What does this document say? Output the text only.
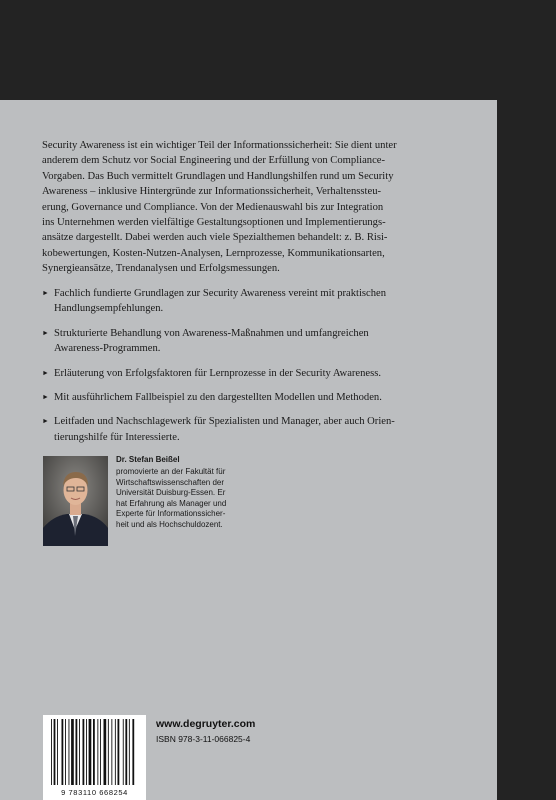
Security Awareness ist ein wichtiger Teil der Informationssicherheit: Sie dient unter
anderem dem Schutz vor Social Engineering und der Erfüllung von Compliance-
Vorgaben. Das Buch vermittelt Grundlagen und Handlungshilfen rund um Security
Awareness – inklusive Hintergründe zur Informationssicherheit, Verhaltenssteu-
erung, Governance und Compliance. Von der Medienauswahl bis zur Integration
ins Unternehmen werden vielfältige Gestaltungsoptionen und Implementierungs-
ansätze dargestellt. Dabei werden auch viele Spezialthemen behandelt: z. B. Risi-
kobewertungen, Kosten-Nutzen-Analysen, Lernprozesse, Kommunikationsarten,
Synergieansätze, Trendanalysen und Erfolgsmessungen.

► Fachlich fundierte Grundlagen zur Security Awareness vereint mit praktischen
Handlungsempfehlungen.
► Strukturierte Behandlung von Awareness-Maßnahmen und umfangreichen
Awareness-Programmen.
► Erläuterung von Erfolgsfaktoren für Lernprozesse in der Security Awareness.
► Mit ausführlichem Fallbeispiel zu den dargestellten Modellen und Methoden.
► Leitfaden und Nachschlagewerk für Spezialisten und Manager, aber auch Orien-
tierungshilfe für Interessierte.
Dr. Stefan Beißel
promovierte an der Fakultät für
Wirtschaftswissenschaften der
Universität Duisburg-Essen. Er
hat Erfahrung als Manager und
Experte für Informationssicher-
heit und als Hochschuldozent.
9 783110 668254
www.degruyter.com
ISBN 978-3-11-066825-4
